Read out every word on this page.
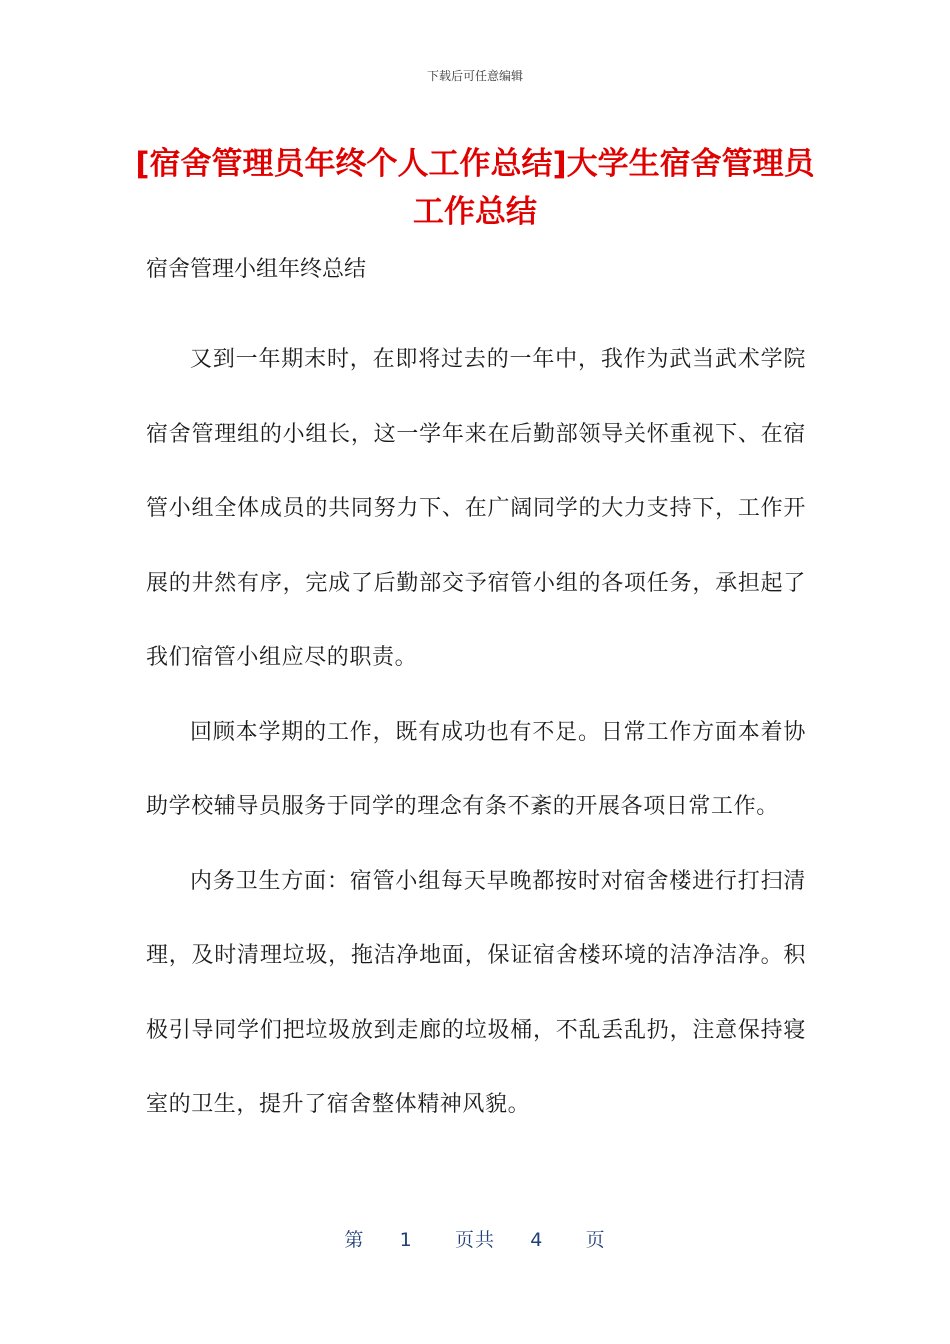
下载后可任意编辑
[宿舍管理员年终个人工作总结]大学生宿舍管理员工作总结

宿舍管理小组年终总结

又到一年期末时，在即将过去的一年中，我作为武当武术学院宿舍管理组的小组长，这一学年来在后勤部领导关怀重视下、在宿管小组全体成员的共同努力下、在广阔同学的大力支持下，工作开展的井然有序，完成了后勤部交予宿管小组的各项任务，承担起了我们宿管小组应尽的职责。

回顾本学期的工作，既有成功也有不足。日常工作方面本着协助学校辅导员服务于同学的理念有条不紊的开展各项日常工作。

内务卫生方面：宿管小组每天早晚都按时对宿舍楼进行打扫清理，及时清理垃圾，拖洁净地面，保证宿舍楼环境的洁净洁净。积极引导同学们把垃圾放到走廊的垃圾桶，不乱丢乱扔，注意保持寝室的卫生，提升了宿舍整体精神风貌。

第 1 页共 4 页
